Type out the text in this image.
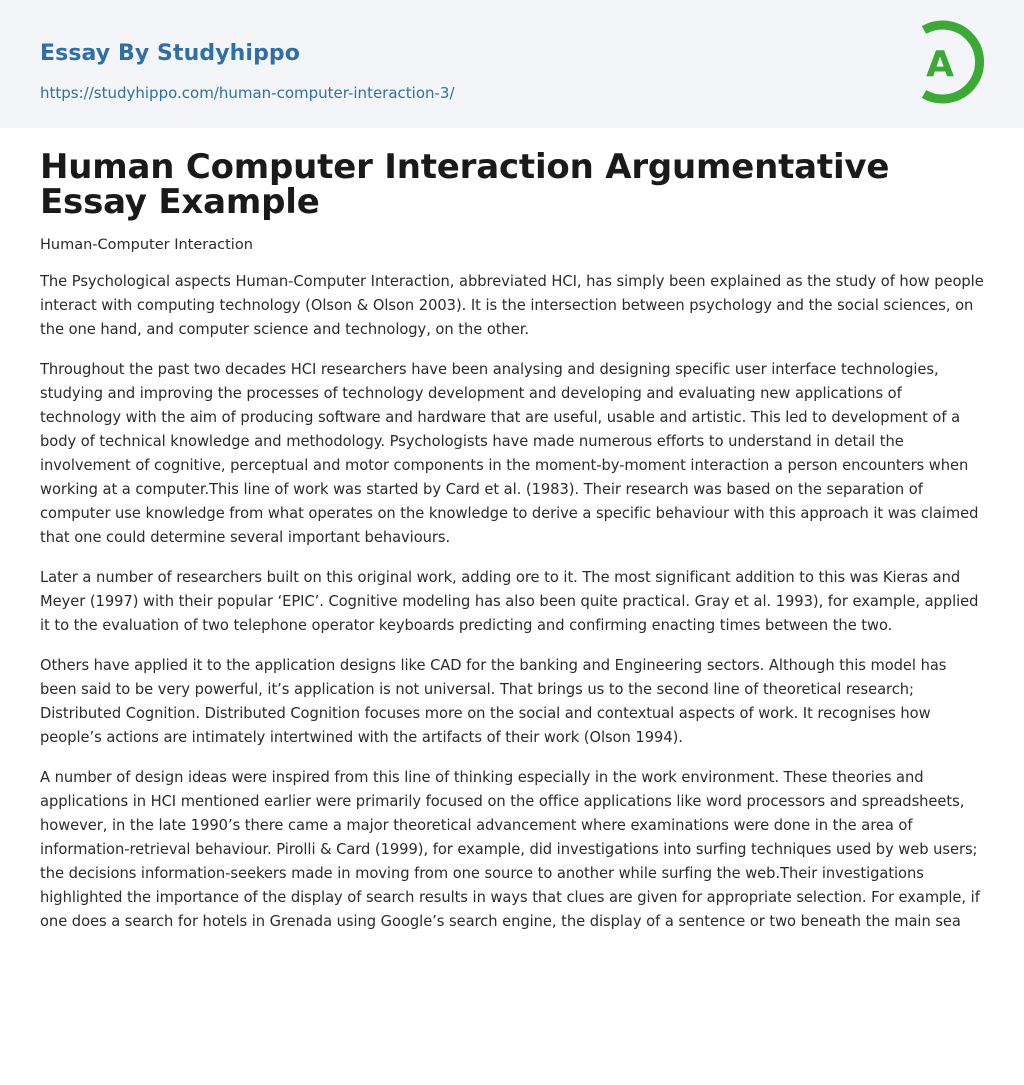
Essay By Studyhippo
https://studyhippo.com/human-computer-interaction-3/
A
Human Computer Interaction Argumentative Essay Example
Human-Computer Interaction

The Psychological aspects Human-Computer Interaction, abbreviated HCI, has simply been explained as the study of how people interact with computing technology (Olson & Olson 2003). It is the intersection between psychology and the social sciences, on the one hand, and computer science and technology, on the other.

Throughout the past two decades HCI researchers have been analysing and designing specific user interface technologies, studying and improving the processes of technology development and developing and evaluating new applications of technology with the aim of producing software and hardware that are useful, usable and artistic. This led to development of a body of technical knowledge and methodology. Psychologists have made numerous efforts to understand in detail the involvement of cognitive, perceptual and motor components in the moment-by-moment interaction a person encounters when working at a computer.This line of work was started by Card et al. (1983). Their research was based on the separation of computer use knowledge from what operates on the knowledge to derive a specific behaviour with this approach it was claimed that one could determine several important behaviours.

Later a number of researchers built on this original work, adding ore to it. The most significant addition to this was Kieras and Meyer (1997) with their popular ‘EPIC’. Cognitive modeling has also been quite practical. Gray et al. 1993), for example, applied it to the evaluation of two telephone operator keyboards predicting and confirming enacting times between the two.

Others have applied it to the application designs like CAD for the banking and Engineering sectors. Although this model has been said to be very powerful, it’s application is not universal. That brings us to the second line of theoretical research; Distributed Cognition. Distributed Cognition focuses more on the social and contextual aspects of work. It recognises how people’s actions are intimately intertwined with the artifacts of their work (Olson 1994).

A number of design ideas were inspired from this line of thinking especially in the work environment. These theories and applications in HCI mentioned earlier were primarily focused on the office applications like word processors and spreadsheets, however, in the late 1990’s there came a major theoretical advancement where examinations were done in the area of information-retrieval behaviour. Pirolli & Card (1999), for example, did investigations into surfing techniques used by web users; the decisions information-seekers made in moving from one source to another while surfing the web.Their investigations highlighted the importance of the display of search results in ways that clues are given for appropriate selection. For example, if one does a search for hotels in Grenada using Google’s search engine, the display of a sentence or two beneath the main sea
